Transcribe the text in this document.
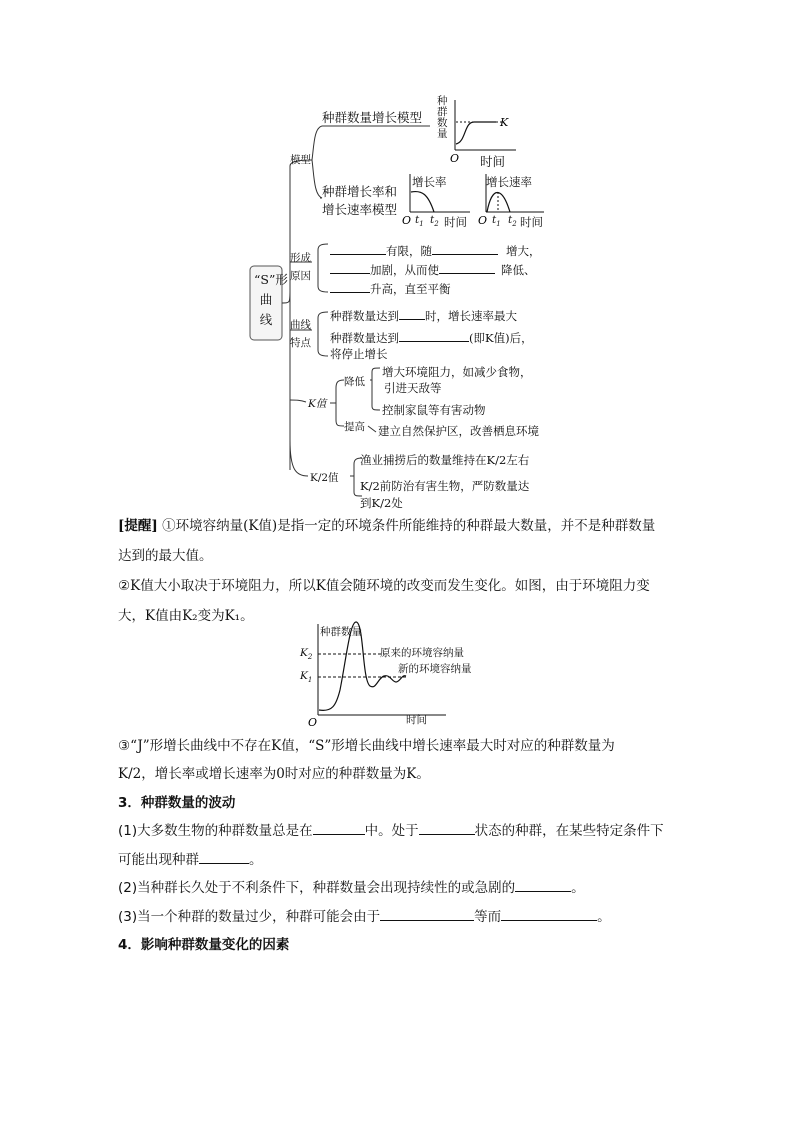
“S”形曲线
模型
种群数量增长模型
种群增长率和
增长速率模型
K
O
种群数量
时间
O
增长率
$t_1$ $t_2$ 时间 O
增长速率
$t_1$ $t_2$ 时间
形成
原因
有限，随	增大，
加剧，从而使	降低、
升高，直至平衡
曲线
特点
种群数量达到 时，增长速率最大
种群数量达到	(即K值)后，
将停止增长
K值
降低
提高
增大环境阻力，如减少食物，
引进天敌等
控制家鼠等有害动物
建立自然保护区，改善栖息环境
K/2值
渔业捕捞后的数量维持在K/2左右
K/2前防治有害生物，严防数量达
到K/2处
[提醒] ①环境容纳量(K值)是指一定的环境条件所能维持的种群最大数量，并不是种群数量
达到的最大值。
②K值大小取决于环境阻力，所以K值会随环境的改变而发生变化。如图，由于环境阻力变
大，K值由K₂变为K₁。
O
种群数量
时间
$K_2$
$K_1$
原来的环境容纳量
新的环境容纳量
③“J”形增长曲线中不存在K值，“S”形增长曲线中增长速率最大时对应的种群数量为
K/2，增长率或增长速率为0时对应的种群数量为K。
3．种群数量的波动
(1)大多数生物的种群数量总是在	中。处于	状态的种群，在某些特定条件下
可能出现种群	。
(2)当种群长久处于不利条件下，种群数量会出现持续性的或急剧的	。
(3)当一个种群的数量过少，种群可能会由于	等而	。
4．影响种群数量变化的因素
